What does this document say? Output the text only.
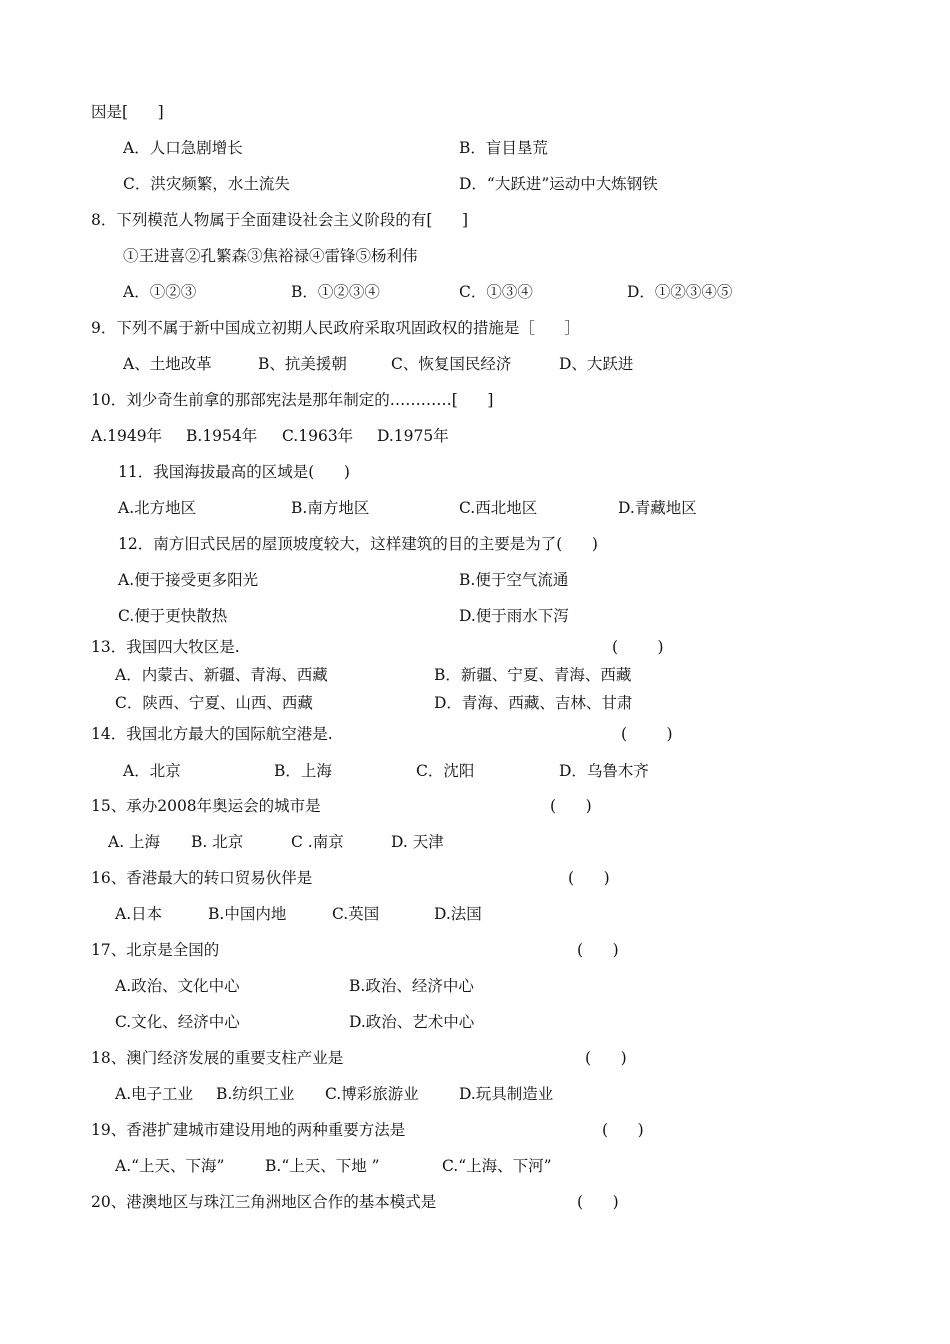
因是[      ]
A．人口急剧增长	B．盲目垦荒
C．洪灾频繁，水土流失	D．“大跃进”运动中大炼钢铁
8．下列模范人物属于全面建设社会主义阶段的有[      ]
①王进喜②孔繁森③焦裕禄④雷锋⑤杨利伟
A．①②③	B．①②③④	C．①③④	D．①②③④⑤
9．下列不属于新中国成立初期人民政府采取巩固政权的措施是［      ］
A、土地改革	B、抗美援朝	C、恢复国民经济	D、大跃进
10．刘少奇生前拿的那部宪法是那年制定的…………[      ]
A.1949年 B.1954年 C.1963年 D.1975年
11．我国海拔最高的区域是(      )
A.北方地区	B.南方地区	C.西北地区	D.青藏地区
12．南方旧式民居的屋顶坡度较大，这样建筑的目的主要是为了(      )
A.便于接受更多阳光	B.便于空气流通
C.便于更快散热	D.便于雨水下泻
13．我国四大牧区是.	(        )
A．内蒙古、新疆、青海、西藏	B．新疆、宁夏、青海、西藏
C．陕西、宁夏、山西、西藏	D．青海、西藏、吉林、甘肃
14．我国北方最大的国际航空港是.	(        )
A．北京	B．上海	C．沈阳	D．乌鲁木齐
15、承办2008年奥运会的城市是	(      )
A. 上海 B. 北京	C .南京	D. 天津
16、香港最大的转口贸易伙伴是	(      )
A.日本	B.中国内地	C.英国	D.法国
17、北京是全国的	(      )
A.政治、文化中心	B.政治、经济中心
C.文化、经济中心	D.政治、艺术中心
18、澳门经济发展的重要支柱产业是	(      )
A.电子工业 B.纺织工业 C.博彩旅游业	D.玩具制造业
19、香港扩建城市建设用地的两种重要方法是	(      )
A.“上天、下海”	B.“上天、下地 ”	C.“上海、下河”
20、港澳地区与珠江三角洲地区合作的基本模式是	(      )
